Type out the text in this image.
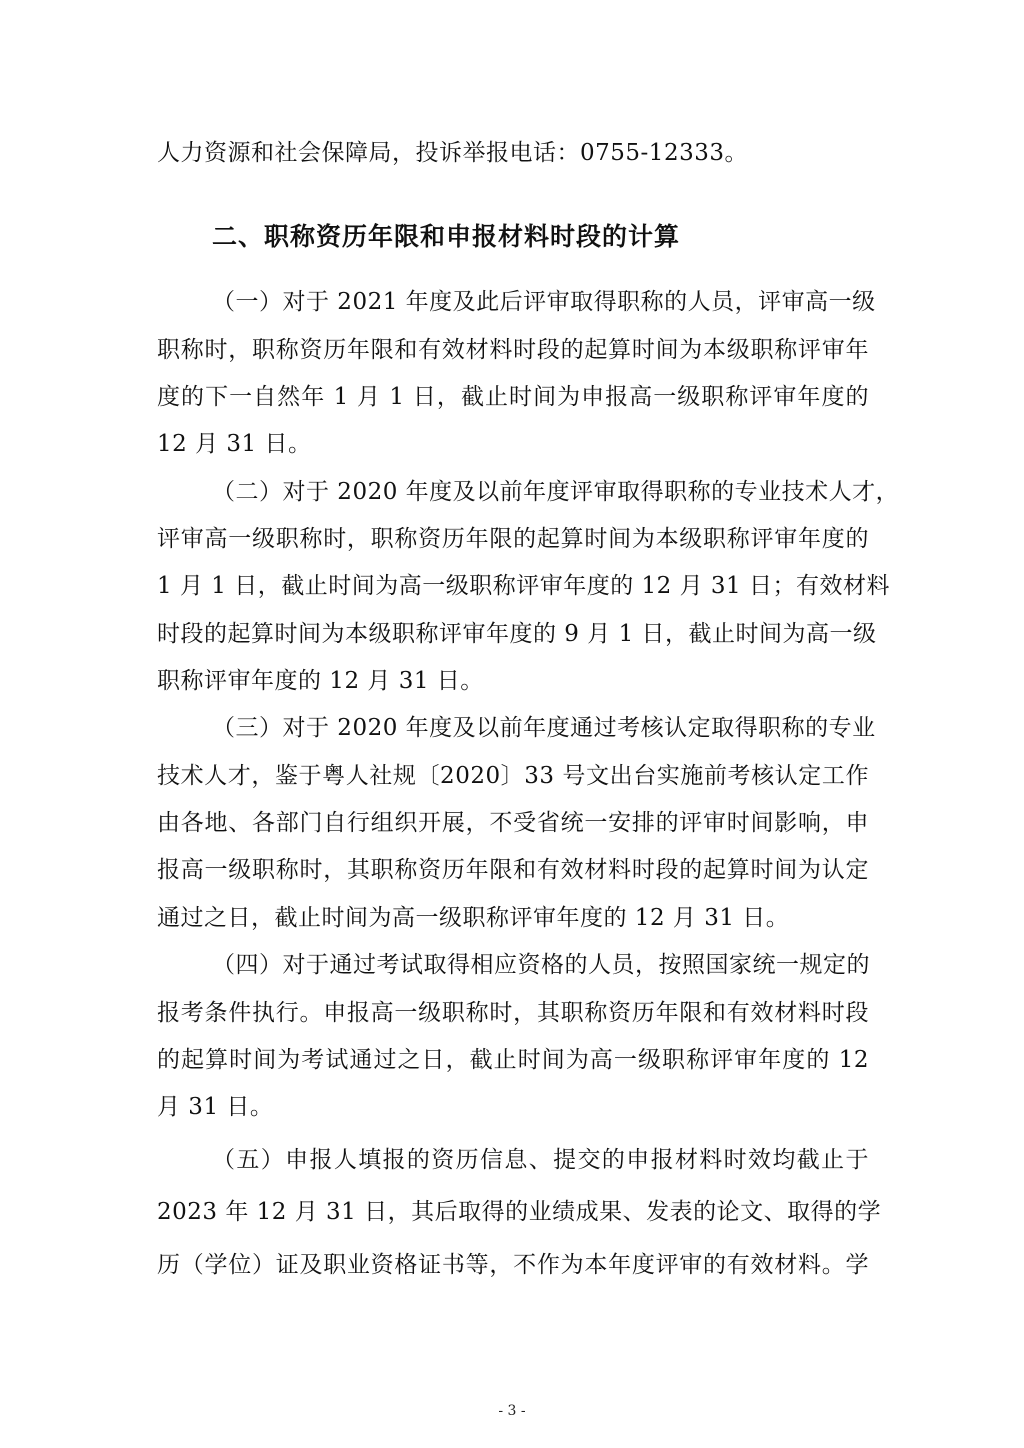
人力资源和社会保障局，投诉举报电话：0755-12333。
二、职称资历年限和申报材料时段的计算
（一）对于 2021 年度及此后评审取得职称的人员，评审高一级
职称时，职称资历年限和有效材料时段的起算时间为本级职称评审年
度的下一自然年 1 月 1 日，截止时间为申报高一级职称评审年度的
12 月 31 日。
（二）对于 2020 年度及以前年度评审取得职称的专业技术人才，
评审高一级职称时，职称资历年限的起算时间为本级职称评审年度的
1 月 1 日，截止时间为高一级职称评审年度的 12 月 31 日；有效材料
时段的起算时间为本级职称评审年度的 9 月 1 日，截止时间为高一级
职称评审年度的 12 月 31 日。
（三）对于 2020 年度及以前年度通过考核认定取得职称的专业
技术人才，鉴于粤人社规〔2020〕33 号文出台实施前考核认定工作
由各地、各部门自行组织开展，不受省统一安排的评审时间影响，申
报高一级职称时，其职称资历年限和有效材料时段的起算时间为认定
通过之日，截止时间为高一级职称评审年度的 12 月 31 日。
（四）对于通过考试取得相应资格的人员，按照国家统一规定的
报考条件执行。申报高一级职称时，其职称资历年限和有效材料时段
的起算时间为考试通过之日，截止时间为高一级职称评审年度的 12
月 31 日。
（五）申报人填报的资历信息、提交的申报材料时效均截止于
2023 年 12 月 31 日，其后取得的业绩成果、发表的论文、取得的学
历（学位）证及职业资格证书等，不作为本年度评审的有效材料。学
- 3 -
